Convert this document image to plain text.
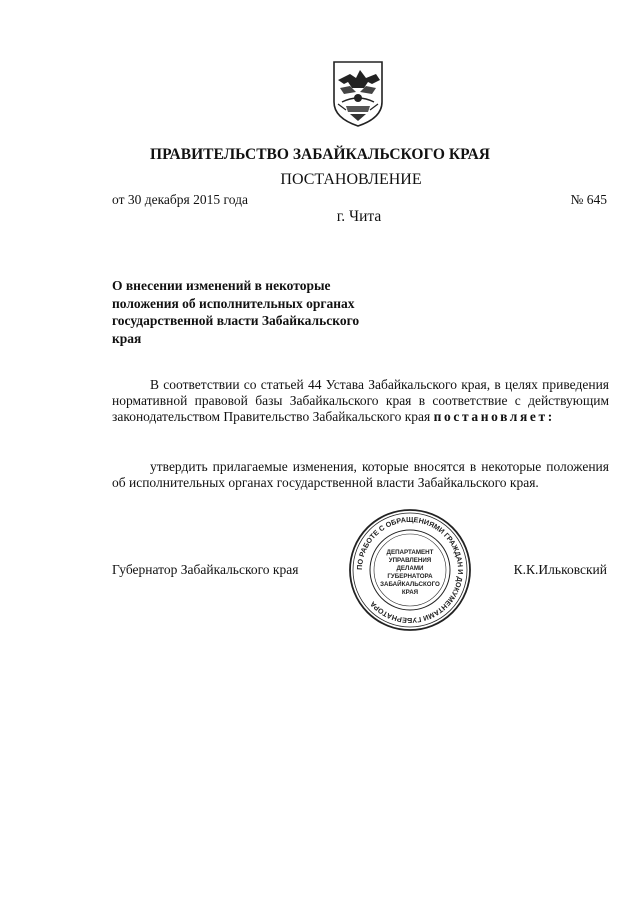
ПРАВИТЕЛЬСТВО ЗАБАЙКАЛЬСКОГО КРАЯ
ПОСТАНОВЛЕНИЕ
от 30 декабря 2015 года	№ 645
г. Чита
О внесении изменений в некоторые положения об исполнительных органах государственной власти Забайкальского края
В соответствии со статьей 44 Устава Забайкальского края, в целях приведения нормативной правовой базы Забайкальского края в соответствие с действующим законодательством Правительство Забайкальского края постановляет:
утвердить прилагаемые изменения, которые вносятся в некоторые положения об исполнительных органах государственной власти Забайкальского края.
Губернатор Забайкальского края	К.К.Ильковский
ПО РАБОТЕ С ОБРАЩЕНИЯМИ ГРАЖДАН И ДОКУМЕНТАМИ ГУБЕРНАТОРА
ДЕПАРТАМЕНТ
УПРАВЛЕНИЯ
ДЕЛАМИ
ГУБЕРНАТОРА
ЗАБАЙКАЛЬСКОГО
КРАЯ
